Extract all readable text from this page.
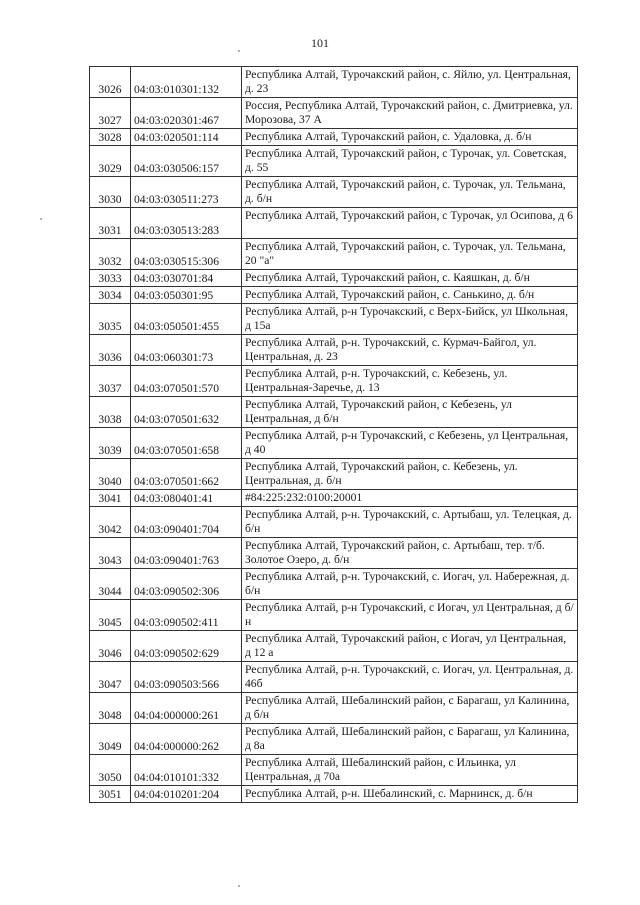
101
3026	04:03:010301:132	Республика Алтай, Турочакский район, с. Яйлю, ул. Центральная, д. 23
3027	04:03:020301:467	Россия, Республика Алтай, Турочакский район, с. Дмитриевка, ул. Морозова, 37 А
3028	04:03:020501:114	Республика Алтай, Турочакский район, с. Удаловка, д. б/н
3029	04:03:030506:157	Республика Алтай, Турочакский район, с Турочак, ул. Советская, д. 55
3030	04:03:030511:273	Республика Алтай, Турочакский район, с. Турочак, ул. Тельмана, д. б/н
3031	04:03:030513:283	Республика Алтай, Турочакский район, с Турочак, ул Осипова, д 6
3032	04:03:030515:306	Республика Алтай, Турочакский район, с. Турочак, ул. Тельмана, 20 "а"
3033	04:03:030701:84	Республика Алтай, Турочакский район, с. Каяшкан, д. б/н
3034	04:03:050301:95	Республика Алтай, Турочакский район, с. Санькино, д. б/н
3035	04:03:050501:455	Республика Алтай, р-н Турочакский, с Верх-Бийск, ул Школьная, д 15а
3036	04:03:060301:73	Республика Алтай, р-н. Турочакский, с. Курмач-Байгол, ул. Центральная, д. 23
3037	04:03:070501:570	Республика Алтай, р-н. Турочакский, с. Кебезень, ул. Центральная-Заречье, д. 13
3038	04:03:070501:632	Республика Алтай, Турочакский район, с Кебезень, ул Центральная, д б/н
3039	04:03:070501:658	Республика Алтай, р-н Турочакский, с Кебезень, ул Центральная, д 40
3040	04:03:070501:662	Республика Алтай, Турочакский район, с. Кебезень, ул. Центральная, д. б/н
3041	04:03:080401:41	#84:225:232:0100:20001
3042	04:03:090401:704	Республика Алтай, р-н. Турочакский, с. Артыбаш, ул. Телецкая, д. б/н
3043	04:03:090401:763	Республика Алтай, Турочакский район, с. Артыбаш, тер. т/б. Золотое Озеро, д. б/н
3044	04:03:090502:306	Республика Алтай, р-н. Турочакский, с. Иогач, ул. Набережная, д. б/н
3045	04:03:090502:411	Республика Алтай, р-н Турочакский, с Иогач, ул Центральная, д б/н
3046	04:03:090502:629	Республика Алтай, Турочакский район, с Иогач, ул Центральная, д 12 а
3047	04:03:090503:566	Республика Алтай, р-н. Турочакский, с. Иогач, ул. Центральная, д. 46б
3048	04:04:000000:261	Республика Алтай, Шебалинский район, с Барагаш, ул Калинина, д б/н
3049	04:04:000000:262	Республика Алтай, Шебалинский район, с Барагаш, ул Калинина, д 8а
3050	04:04:010101:332	Республика Алтай, Шебалинский район, с Ильинка, ул Центральная, д 70а
3051	04:04:010201:204	Республика Алтай, р-н. Шебалинский, с. Марнинск, д. б/н
